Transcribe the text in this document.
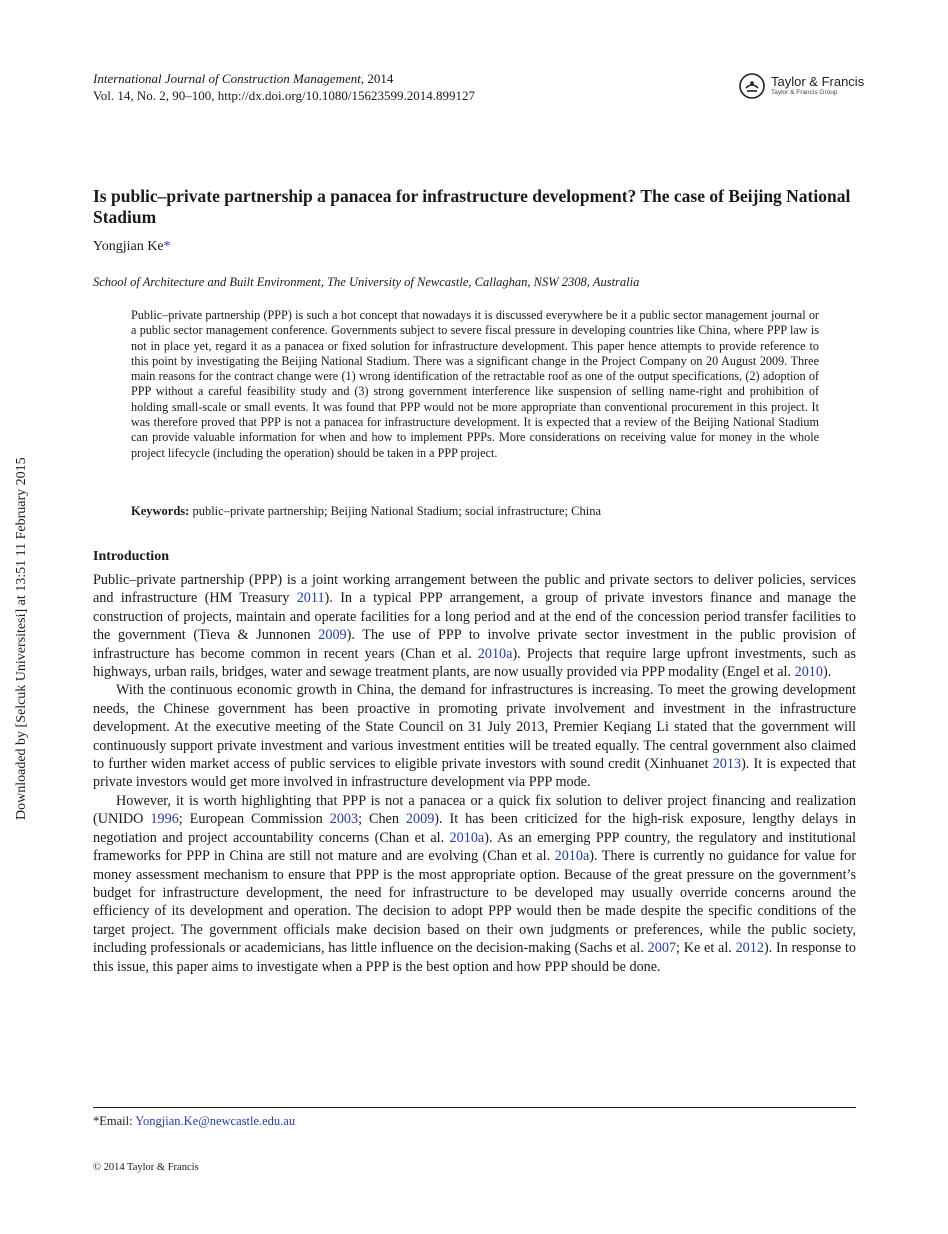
International Journal of Construction Management, 2014
Vol. 14, No. 2, 90–100, http://dx.doi.org/10.1080/15623599.2014.899127
Taylor & Francis
Taylor & Francis Group
Is public–private partnership a panacea for infrastructure development? The case of Beijing National Stadium
Yongjian Ke*
School of Architecture and Built Environment, The University of Newcastle, Callaghan, NSW 2308, Australia

Public–private partnership (PPP) is such a hot concept that nowadays it is discussed everywhere be it a public sector management journal or a public sector management conference. Governments subject to severe fiscal pressure in developing countries like China, where PPP law is not in place yet, regard it as a panacea or fixed solution for infrastructure development. This paper hence attempts to provide reference to this point by investigating the Beijing National Stadium. There was a significant change in the Project Company on 20 August 2009. Three main reasons for the contract change were (1) wrong identification of the retractable roof as one of the output specifications, (2) adoption of PPP without a careful feasibility study and (3) strong government interference like suspension of selling name-right and prohibition of holding small-scale or small events. It was found that PPP would not be more appropriate than conventional procurement in this project. It was therefore proved that PPP is not a panacea for infrastructure development. It is expected that a review of the Beijing National Stadium can provide valuable information for when and how to implement PPPs. More considerations on receiving value for money in the whole project lifecycle (including the operation) should be taken in a PPP project.

Keywords: public–private partnership; Beijing National Stadium; social infrastructure; China
Introduction

Public–private partnership (PPP) is a joint working arrangement between the public and private sectors to deliver policies, services and infrastructure (HM Treasury 2011). In a typical PPP arrangement, a group of private investors finance and manage the construction of projects, maintain and operate facilities for a long period and at the end of the concession period transfer facilities to the government (Tieva & Junnonen 2009). The use of PPP to involve private sector investment in the public provision of infrastructure has become common in recent years (Chan et al. 2010a). Projects that require large upfront investments, such as highways, urban rails, bridges, water and sewage treatment plants, are now usually provided via PPP modality (Engel et al. 2010).

With the continuous economic growth in China, the demand for infrastructures is increasing. To meet the growing development needs, the Chinese government has been proactive in promoting private involvement and investment in the infrastructure development. At the executive meeting of the State Council on 31 July 2013, Premier Keqiang Li stated that the government will continuously support private investment and various investment entities will be treated equally. The central government also claimed to further widen market access of public services to eligible private investors with sound credit (Xinhuanet 2013). It is expected that private investors would get more involved in infrastructure development via PPP mode.

However, it is worth highlighting that PPP is not a panacea or a quick fix solution to deliver project financing and realization (UNIDO 1996; European Commission 2003; Chen 2009). It has been criticized for the high-risk exposure, lengthy delays in negotiation and project accountability concerns (Chan et al. 2010a). As an emerging PPP country, the regulatory and institutional frameworks for PPP in China are still not mature and are evolving (Chan et al. 2010a). There is currently no guidance for value for money assessment mechanism to ensure that PPP is the most appropriate option. Because of the great pressure on the government’s budget for infrastructure development, the need for infrastructure to be developed may usually override concerns around the efficiency of its development and operation. The decision to adopt PPP would then be made despite the specific conditions of the target project. The government officials make decision based on their own judgments or preferences, while the public society, including professionals or academicians, has little influence on the decision-making (Sachs et al. 2007; Ke et al. 2012). In response to this issue, this paper aims to investigate when a PPP is the best option and how PPP should be done.

*Email: Yongjian.Ke@newcastle.edu.au
© 2014 Taylor & Francis
Downloaded by [Selcuk Universitesi] at 13:51 11 February 2015
